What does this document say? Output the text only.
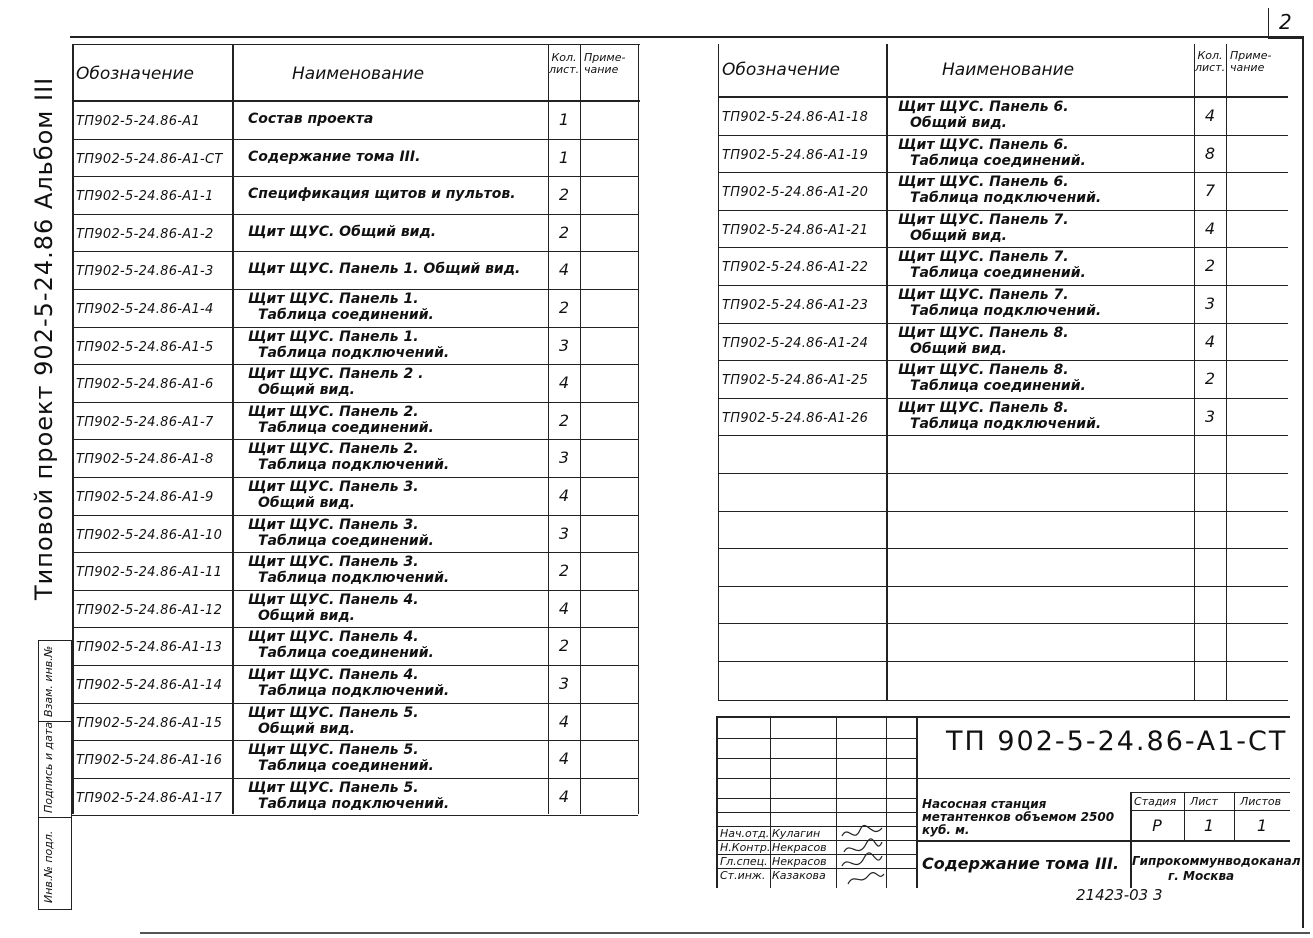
2
Типовой проект 902-5-24.86 Альбом III
Инв.№ подл.
Подпись и дата
Взам. инв.№
Обозначение	Наименование
Кол. лист.
Приме- чание
ТП902-5-24.86-А1	Состав проекта	1
ТП902-5-24.86-А1-СТ Содержание тома III.	1
ТП902-5-24.86-А1-1 Спецификация щитов и пультов.	2
ТП902-5-24.86-А1-2 Щит ЩУС. Общий вид.	2
ТП902-5-24.86-А1-3 Щит ЩУС. Панель 1. Общий вид.	4
ТП902-5-24.86-А1-4
Щит ЩУС. Панель 1.
Таблица соединений.	2
ТП902-5-24.86-А1-5
Щит ЩУС. Панель 1.
Таблица подключений.	3
ТП902-5-24.86-А1-6
Щит ЩУС. Панель 2 .
Общий вид.	4
ТП902-5-24.86-А1-7
Щит ЩУС. Панель 2.
Таблица соединений.	2
ТП902-5-24.86-А1-8
Щит ЩУС. Панель 2.
Таблица подключений.	3
ТП902-5-24.86-А1-9
Щит ЩУС. Панель 3.
Общий вид.	4
ТП902-5-24.86-А1-10
Щит ЩУС. Панель 3.
Таблица соединений.	3
ТП902-5-24.86-А1-11
Щит ЩУС. Панель 3.
Таблица подключений.	2
ТП902-5-24.86-А1-12
Щит ЩУС. Панель 4.
Общий вид.	4
ТП902-5-24.86-А1-13
Щит ЩУС. Панель 4.
Таблица соединений.	2
ТП902-5-24.86-А1-14
Щит ЩУС. Панель 4.
Таблица подключений.	3
ТП902-5-24.86-А1-15
Щит ЩУС. Панель 5.
Общий вид.	4
ТП902-5-24.86-А1-16
Щит ЩУС. Панель 5.
Таблица соединений.	4
ТП902-5-24.86-А1-17
Щит ЩУС. Панель 5.
Таблица подключений.	4
Обозначение	Наименование
Кол. лист.
Приме- чание
ТП902-5-24.86-А1-18
Щит ЩУС. Панель 6.
Общий вид.	4
ТП902-5-24.86-А1-19
Щит ЩУС. Панель 6.
Таблица соединений.	8
ТП902-5-24.86-А1-20
Щит ЩУС. Панель 6.
Таблица подключений.	7
ТП902-5-24.86-А1-21
Щит ЩУС. Панель 7.
Общий вид.	4
ТП902-5-24.86-А1-22
Щит ЩУС. Панель 7.
Таблица соединений.	2
ТП902-5-24.86-А1-23
Щит ЩУС. Панель 7.
Таблица подключений.	3
ТП902-5-24.86-А1-24
Щит ЩУС. Панель 8.
Общий вид.	4
ТП902-5-24.86-А1-25
Щит ЩУС. Панель 8.
Таблица соединений.	2
ТП902-5-24.86-А1-26
Щит ЩУС. Панель 8.
Таблица подключений.	3
Нач.отд. Кулагин
Н.Контр. Некрасов
Гл.спец. Некрасов
Ст.инж. Казакова
ТП 902-5-24.86-А1-СТ
Насосная станция метантенков объемом 2500 куб. м.
Содержание тома III.
Стадия Лист Листов
Р	1	1
Гипрокоммунводоканал
г. Москва
21423-03 3
